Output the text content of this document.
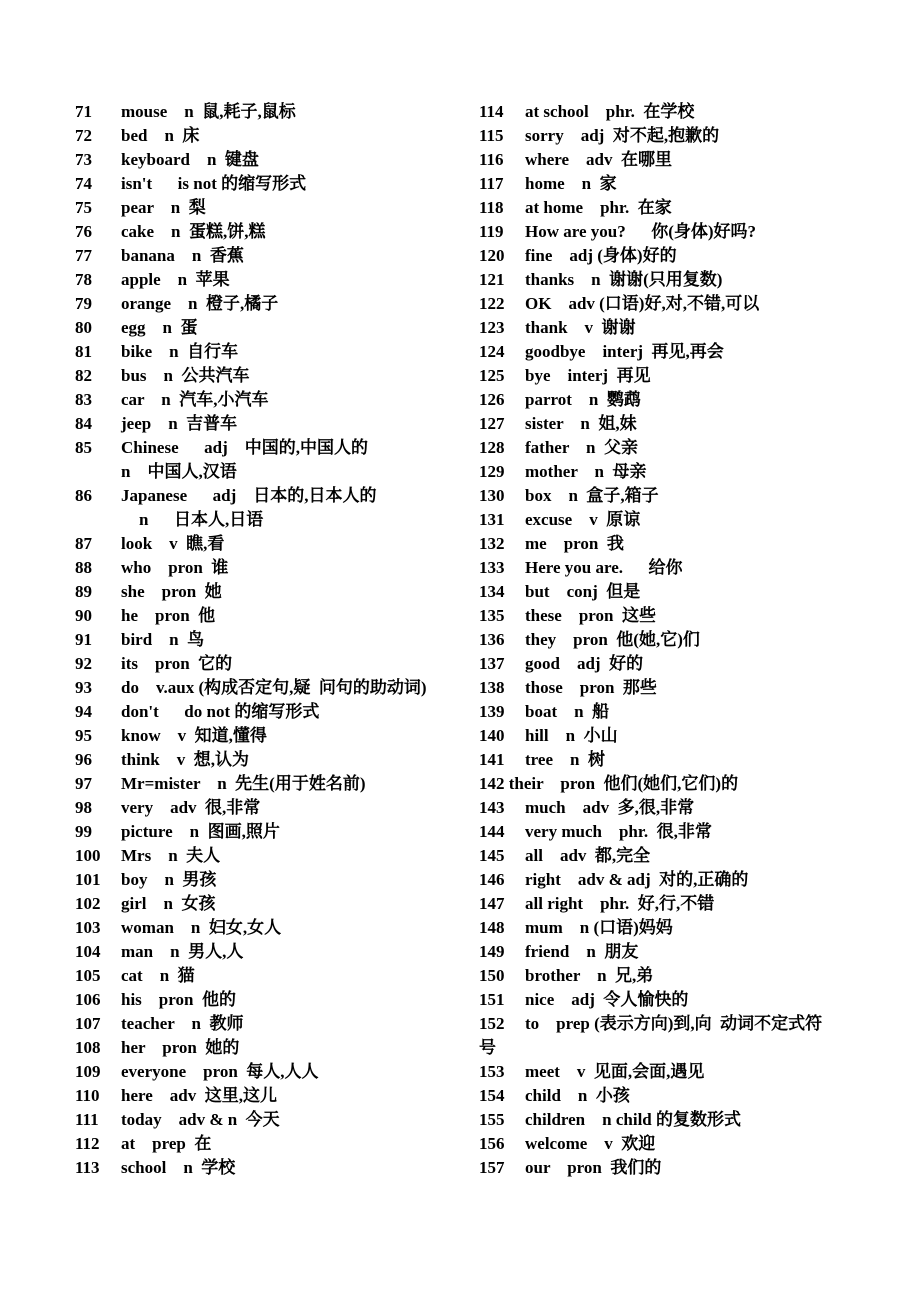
71 mouse    n  鼠,耗子,鼠标
72 bed    n  床
73 keyboard    n  键盘
74 isn't      is not 的缩写形式
75 pear    n  梨
76 cake    n  蛋糕,饼,糕
77 banana    n  香蕉
78 apple    n  苹果
79 orange    n  橙子,橘子
80 egg    n  蛋
81 bike    n  自行车
82 bus    n  公共汽车
83 car    n  汽车,小汽车
84 jeep    n  吉普车
85 Chinese      adj    中国的,中国人的
n    中国人,汉语
86 Japanese      adj    日本的,日本人的
n      日本人,日语
87 look    v  瞧,看
88 who    pron  谁
89 she    pron  她
90 he    pron  他
91 bird    n  鸟
92 its    pron  它的
93 do    v.aux (构成否定句,疑  问句的助动词)
94 don't      do not 的缩写形式
95 know    v  知道,懂得
96 think    v  想,认为
97 Mr=mister    n  先生(用于姓名前)
98 very    adv  很,非常
99 picture    n  图画,照片
100 Mrs    n  夫人
101 boy    n  男孩
102 girl    n  女孩
103 woman    n  妇女,女人
104 man    n  男人,人
105 cat    n  猫
106 his    pron  他的
107 teacher    n  教师
108 her    pron  她的
109 everyone    pron  每人,人人
110 here    adv  这里,这儿
111 today    adv & n  今天
112 at    prep  在
113 school    n  学校
114 at school    phr.  在学校
115 sorry    adj  对不起,抱歉的
116 where    adv  在哪里
117 home    n  家
118 at home    phr.  在家
119 How are you?      你(身体)好吗?
120 fine    adj (身体)好的
121 thanks    n  谢谢(只用复数)
122 OK    adv (口语)好,对,不错,可以
123 thank    v  谢谢
124 goodbye    interj  再见,再会
125 bye    interj  再见
126 parrot    n  鹦鹉
127 sister    n  姐,妹
128 father    n  父亲
129 mother    n  母亲
130 box    n  盒子,箱子
131 excuse    v  原谅
132 me    pron  我
133 Here you are.      给你
134 but    conj  但是
135 these    pron  这些
136 they    pron  他(她,它)们
137 good    adj  好的
138 those    pron  那些
139 boat    n  船
140 hill    n  小山
141 tree    n  树
142 their    pron  他们(她们,它们)的
143 much    adv  多,很,非常
144 very much    phr.  很,非常
145 all    adv  都,完全
146 right    adv & adj  对的,正确的
147 all right    phr.  好,行,不错
148 mum    n (口语)妈妈
149 friend    n  朋友
150 brother    n  兄,弟
151 nice    adj  令人愉快的
152 to    prep (表示方向)到,向  动词不定式符
号
153 meet    v  见面,会面,遇见
154 child    n  小孩
155 children    n child 的复数形式
156 welcome    v  欢迎
157 our    pron  我们的
